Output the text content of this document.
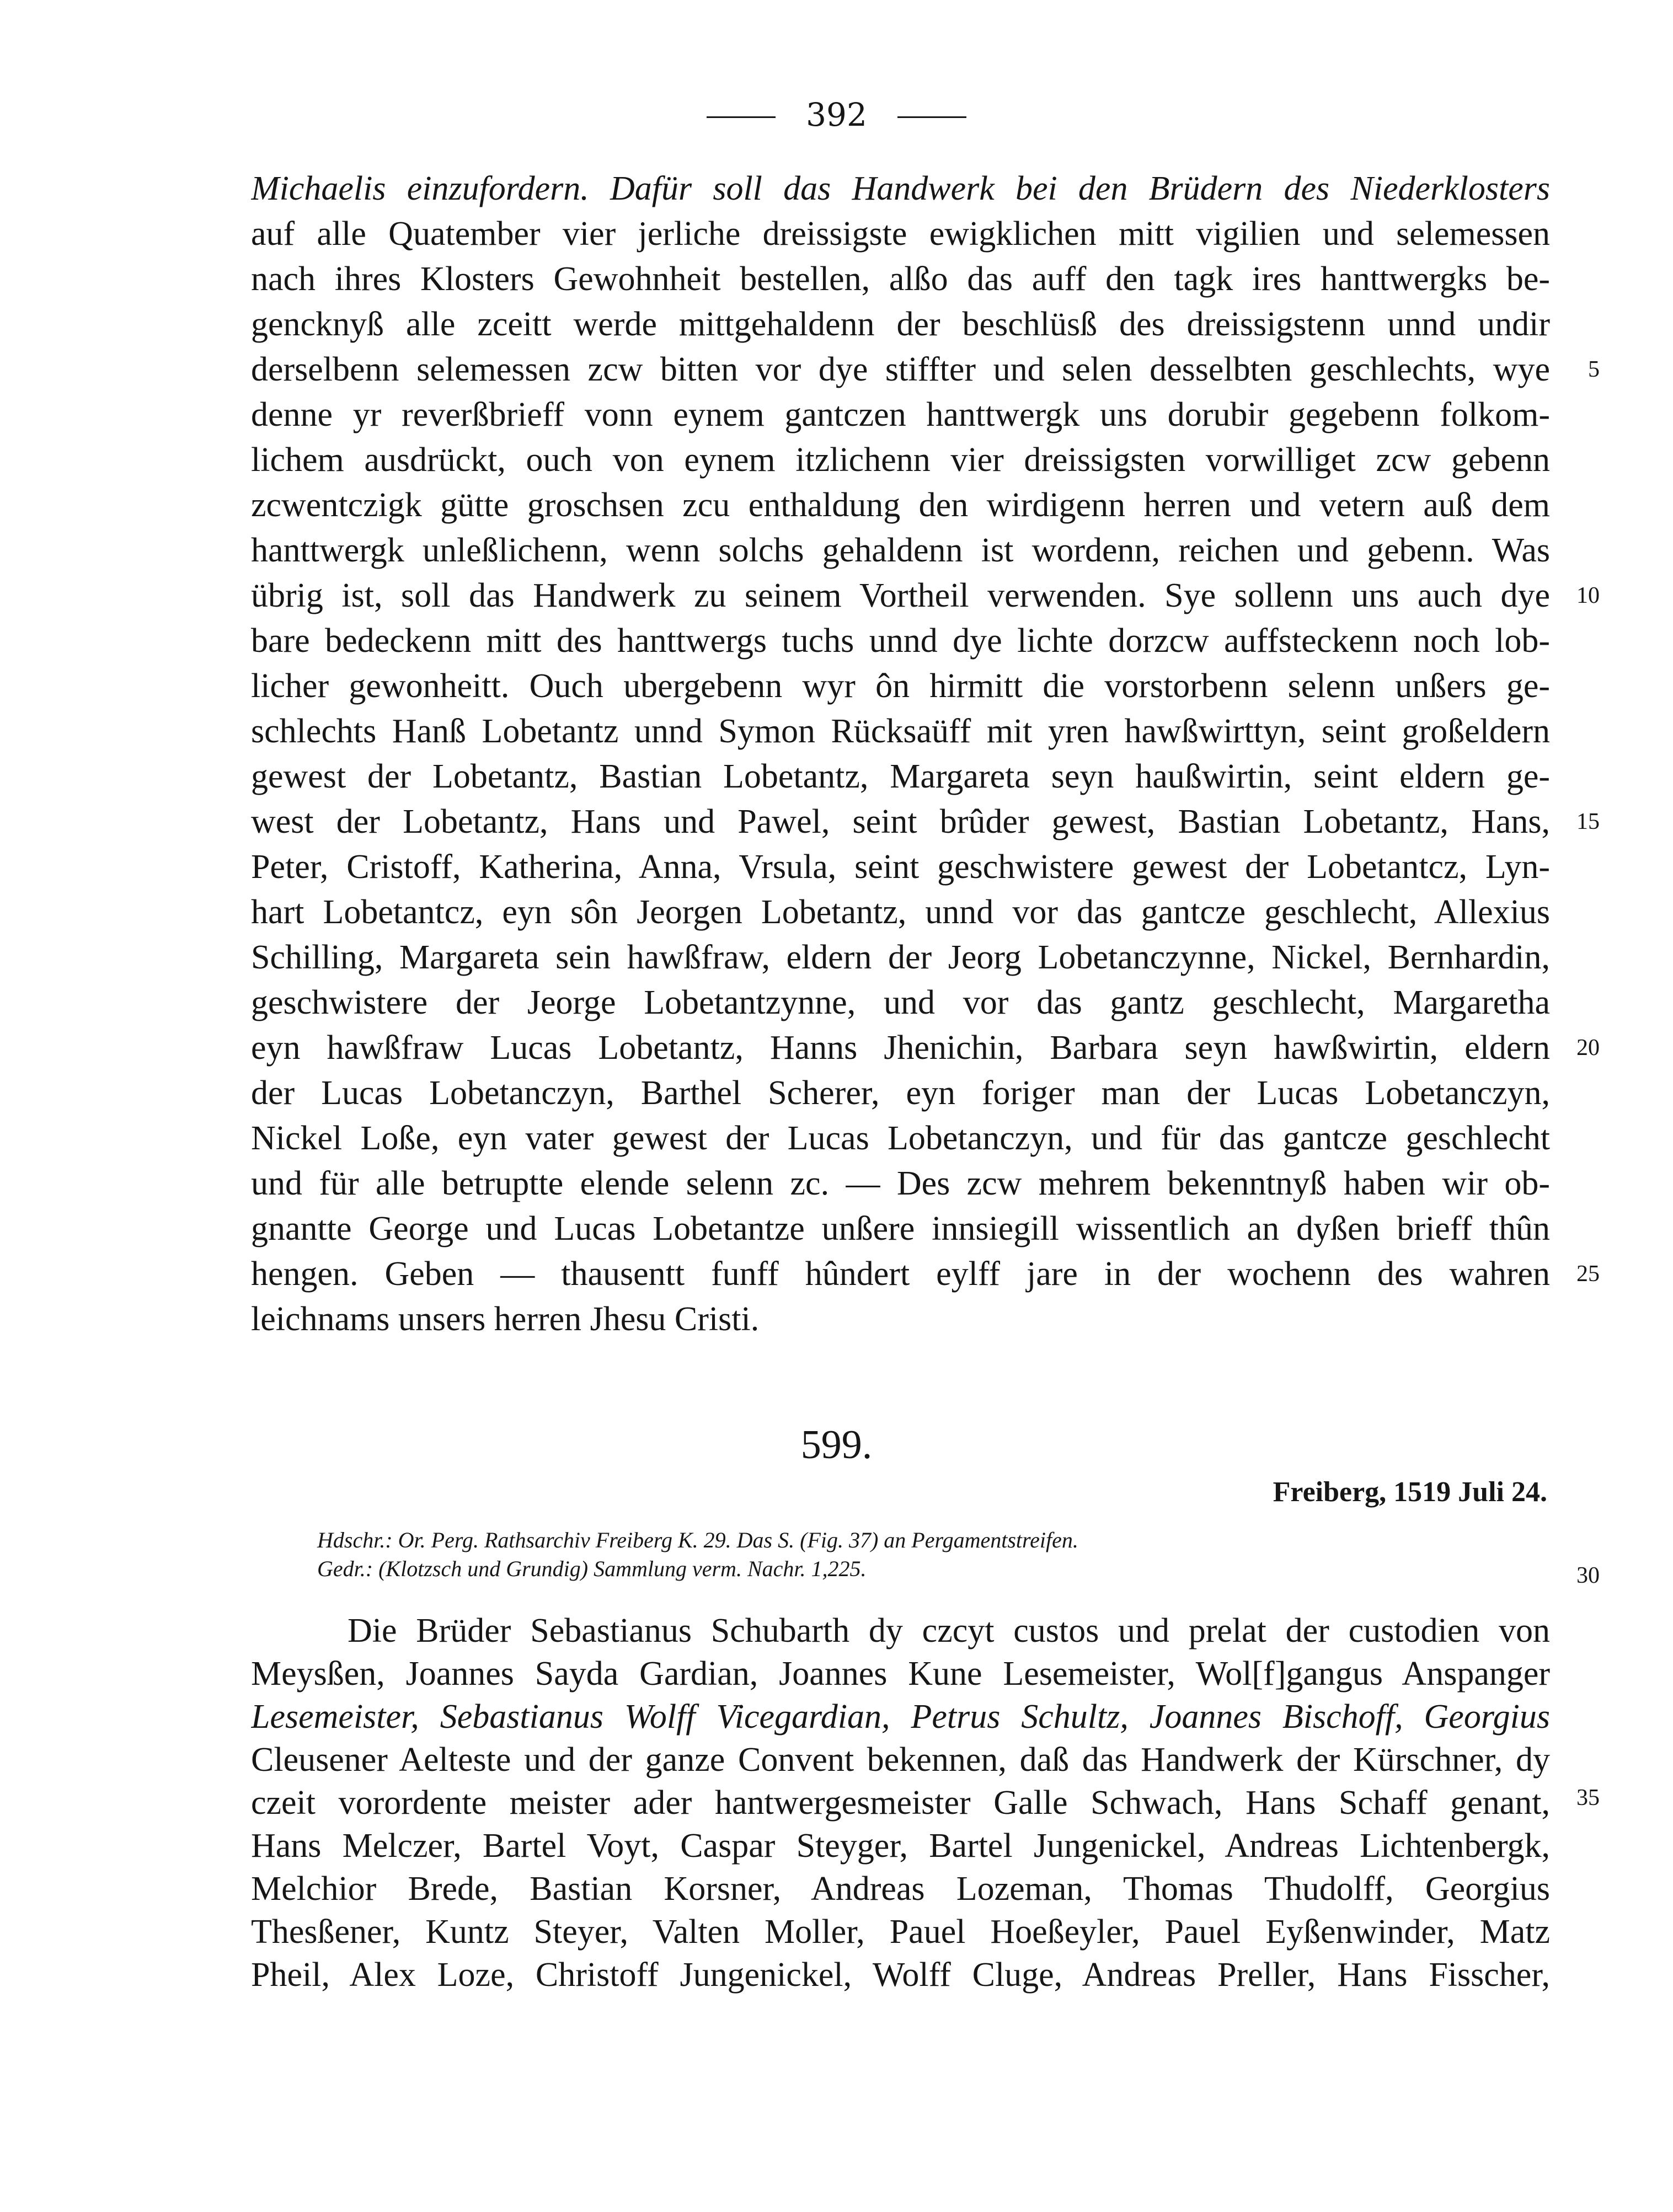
392
Michaelis einzufordern. Dafür soll das Handwerk bei den Brüdern des Niederklosters
auf alle Quatember vier jerliche dreissigste ewigklichen mitt vigilien und selemessen
nach ihres Klosters Gewohnheit bestellen, alßo das auff den tagk ires hanttwergks be-
gencknyß alle zceitt werde mittgehaldenn der beschlüsß des dreissigstenn unnd undir
derselbenn selemessen zcw bitten vor dye stiffter und selen desselbten geschlechts, wye
denne yr reverßbrieff vonn eynem gantczen hanttwergk uns dorubir gegebenn folkom-
lichem ausdrückt, ouch von eynem itzlichenn vier dreissigsten vorwilliget zcw gebenn
zcwentczigk gütte groschsen zcu enthaldung den wirdigenn herren und vetern auß dem
hanttwergk unleßlichenn, wenn solchs gehaldenn ist wordenn, reichen und gebenn. Was
übrig ist, soll das Handwerk zu seinem Vortheil verwenden. Sye sollenn uns auch dye
bare bedeckenn mitt des hanttwergs tuchs unnd dye lichte dorzcw auffsteckenn noch lob-
licher gewonheitt. Ouch ubergebenn wyr ôn hirmitt die vorstorbenn selenn unßers ge-
schlechts Hanß Lobetantz unnd Symon Rücksaüff mit yren hawßwirttyn, seint großeldern
gewest der Lobetantz, Bastian Lobetantz, Margareta seyn haußwirtin, seint eldern ge-
west der Lobetantz, Hans und Pawel, seint brûder gewest, Bastian Lobetantz, Hans,
Peter, Cristoff, Katherina, Anna, Vrsula, seint geschwistere gewest der Lobetantcz, Lyn-
hart Lobetantcz, eyn sôn Jeorgen Lobetantz, unnd vor das gantcze geschlecht, Allexius
Schilling, Margareta sein hawßfraw, eldern der Jeorg Lobetanczynne, Nickel, Bernhardin,
geschwistere der Jeorge Lobetantzynne, und vor das gantz geschlecht, Margaretha
eyn hawßfraw Lucas Lobetantz, Hanns Jhenichin, Barbara seyn hawßwirtin, eldern
der Lucas Lobetanczyn, Barthel Scherer, eyn foriger man der Lucas Lobetanczyn,
Nickel Loße, eyn vater gewest der Lucas Lobetanczyn, und für das gantcze geschlecht
und für alle betruptte elende selenn zc. — Des zcw mehrem bekenntnyß haben wir ob-
gnantte George und Lucas Lobetantze unßere innsiegill wissentlich an dyßen brieff thûn
hengen. Geben — thausentt funff hûndert eylff jare in der wochenn des wahren
leichnams unsers herren Jhesu Cristi.
5
10
15
20
25
30
35
599.
Freiberg, 1519 Juli 24.
Hdschr.: Or. Perg. Rathsarchiv Freiberg K. 29. Das S. (Fig. 37) an Pergamentstreifen.
Gedr.: (Klotzsch und Grundig) Sammlung verm. Nachr. 1,225.
Die Brüder Sebastianus Schubarth dy czcyt custos und prelat der custodien von
Meysßen, Joannes Sayda Gardian, Joannes Kune Lesemeister, Wol[f]gangus Anspanger
Lesemeister, Sebastianus Wolff Vicegardian, Petrus Schultz, Joannes Bischoff, Georgius
Cleusener Aelteste und der ganze Convent bekennen, daß das Handwerk der Kürschner, dy
czeit vorordente meister ader hantwergesmeister Galle Schwach, Hans Schaff genant,
Hans Melczer, Bartel Voyt, Caspar Steyger, Bartel Jungenickel, Andreas Lichtenbergk,
Melchior Brede, Bastian Korsner, Andreas Lozeman, Thomas Thudolff, Georgius
Thesßener, Kuntz Steyer, Valten Moller, Pauel Hoeßeyler, Pauel Eyßenwinder, Matz
Pheil, Alex Loze, Christoff Jungenickel, Wolff Cluge, Andreas Preller, Hans Fisscher,
